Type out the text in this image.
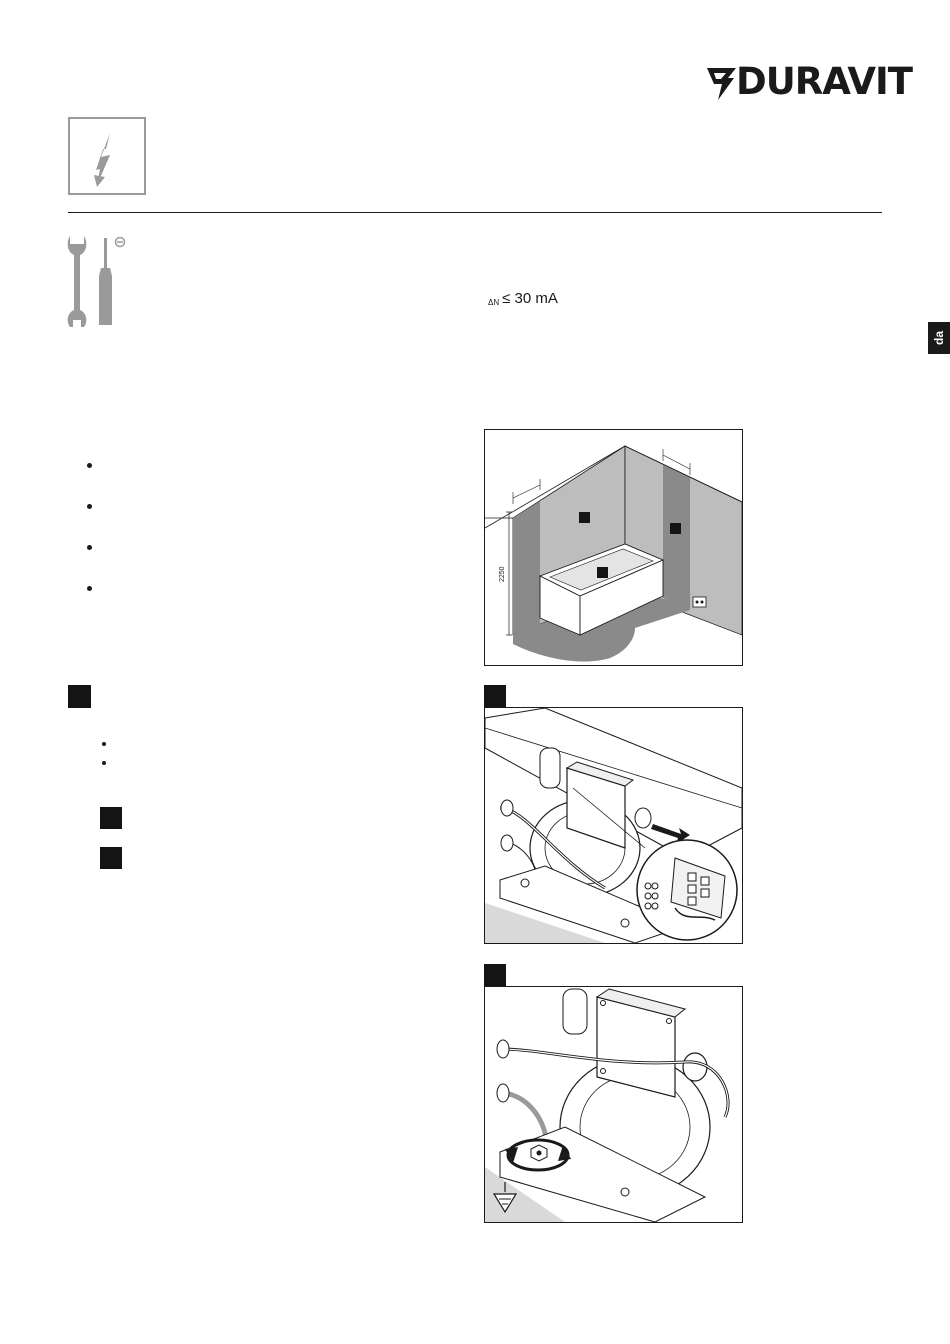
DURAVIT
$_{\Delta N}$ ≤ 30 mA
da
2250
